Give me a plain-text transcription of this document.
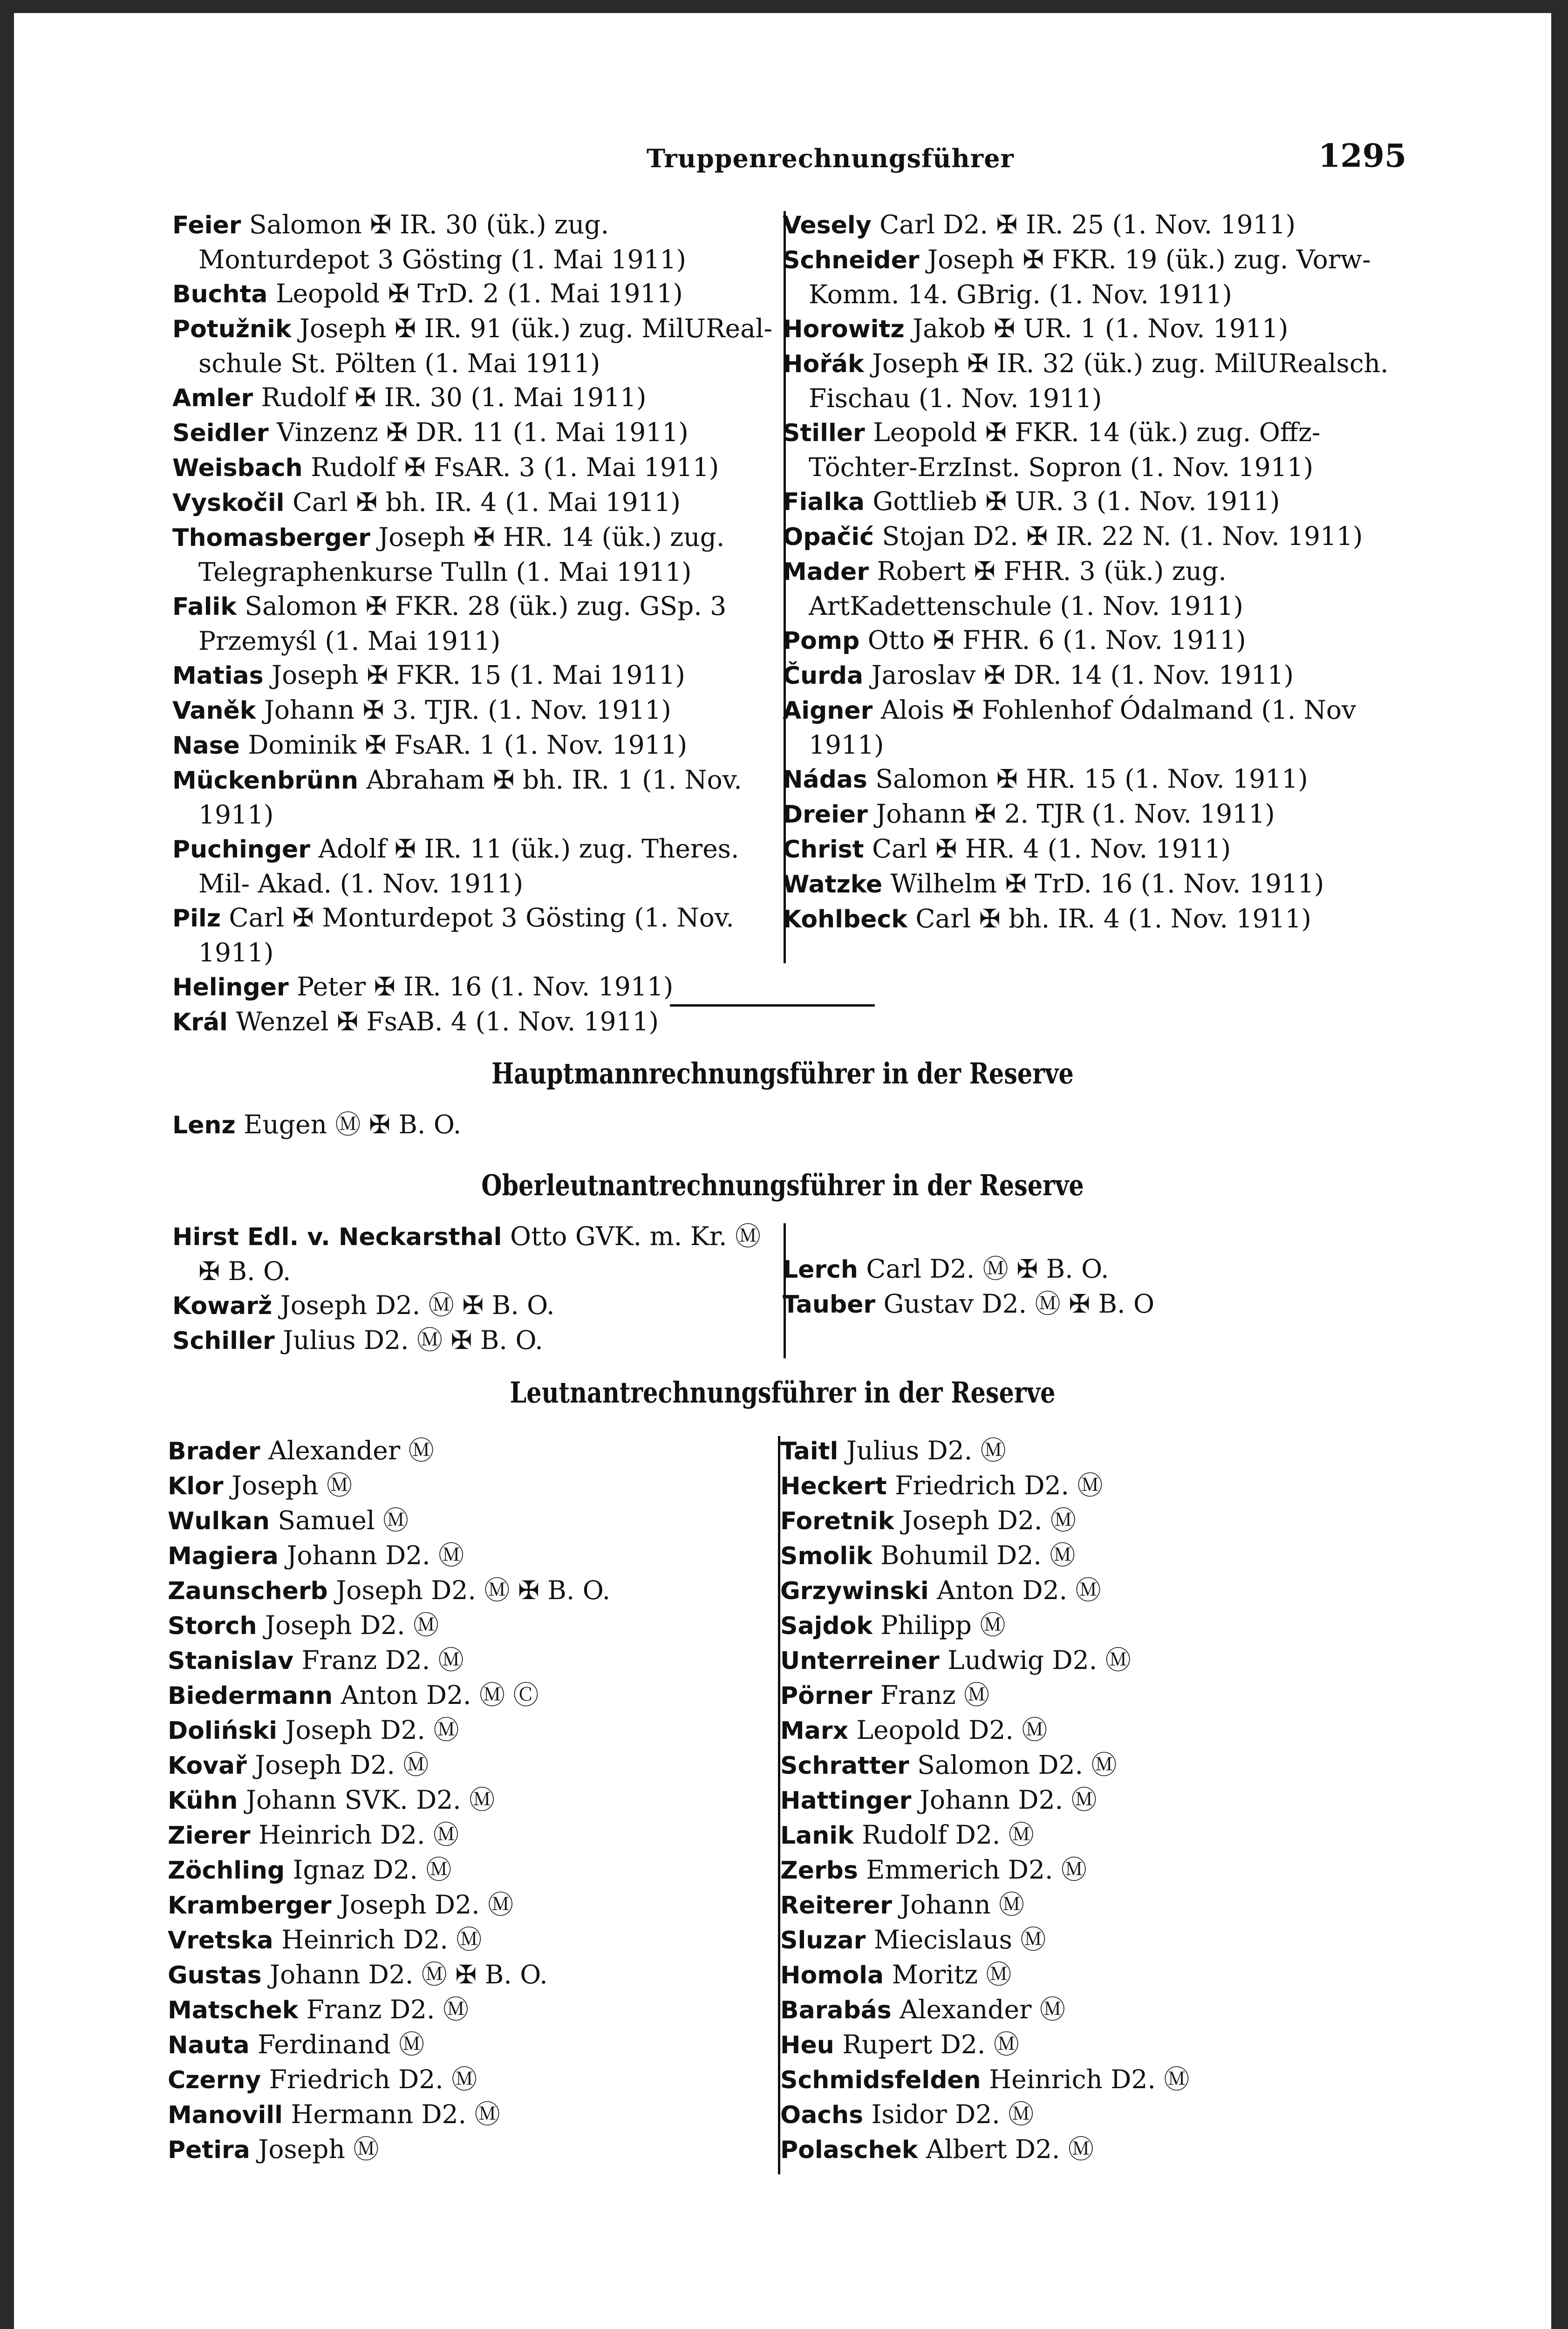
Truppenrechnungsführer	1295
Feier Salomon ✠ IR. 30 (ük.) zug. Monturdepot 3 Gösting (1. Mai 1911)
Buchta Leopold ✠ TrD. 2 (1. Mai 1911)
Potužnik Joseph ✠ IR. 91 (ük.) zug. MilUReal- schule St. Pölten (1. Mai 1911)
Amler Rudolf ✠ IR. 30 (1. Mai 1911)
Seidler Vinzenz ✠ DR. 11 (1. Mai 1911)
Weisbach Rudolf ✠ FsAR. 3 (1. Mai 1911)
Vyskočil Carl ✠ bh. IR. 4 (1. Mai 1911)
Thomasberger Joseph ✠ HR. 14 (ük.) zug. Telegraphenkurse Tulln (1. Mai 1911)
Falik Salomon ✠ FKR. 28 (ük.) zug. GSp. 3 Przemyśl (1. Mai 1911)
Matias Joseph ✠ FKR. 15 (1. Mai 1911)
Vaněk Johann ✠ 3. TJR. (1. Nov. 1911)
Nase Dominik ✠ FsAR. 1 (1. Nov. 1911)
Mückenbrünn Abraham ✠ bh. IR. 1 (1. Nov. 1911)
Puchinger Adolf ✠ IR. 11 (ük.) zug. Theres. Mil- Akad. (1. Nov. 1911)
Pilz Carl ✠ Monturdepot 3 Gösting (1. Nov. 1911)
Helinger Peter ✠ IR. 16 (1. Nov. 1911)
Král Wenzel ✠ FsAB. 4 (1. Nov. 1911)
Vesely Carl D2. ✠ IR. 25 (1. Nov. 1911)
Schneider Joseph ✠ FKR. 19 (ük.) zug. Vorw- Komm. 14. GBrig. (1. Nov. 1911)
Horowitz Jakob ✠ UR. 1 (1. Nov. 1911)
Hořák Joseph ✠ IR. 32 (ük.) zug. MilURealsch. Fischau (1. Nov. 1911)
Stiller Leopold ✠ FKR. 14 (ük.) zug. Offz- Töchter-ErzInst. Sopron (1. Nov. 1911)
Fialka Gottlieb ✠ UR. 3 (1. Nov. 1911)
Opačić Stojan D2. ✠ IR. 22 N. (1. Nov. 1911)
Mader Robert ✠ FHR. 3 (ük.) zug. ArtKadettenschule (1. Nov. 1911)
Pomp Otto ✠ FHR. 6 (1. Nov. 1911)
Čurda Jaroslav ✠ DR. 14 (1. Nov. 1911)
Aigner Alois ✠ Fohlenhof Ódalmand (1. Nov 1911)
Nádas Salomon ✠ HR. 15 (1. Nov. 1911)
Dreier Johann ✠ 2. TJR (1. Nov. 1911)
Christ Carl ✠ HR. 4 (1. Nov. 1911)
Watzke Wilhelm ✠ TrD. 16 (1. Nov. 1911)
Kohlbeck Carl ✠ bh. IR. 4 (1. Nov. 1911)
Hauptmannrechnungsführer in der Reserve
Lenz Eugen Ⓜ ✠ B. O.
Oberleutnantrechnungsführer in der Reserve
Hirst Edl. v. Neckarsthal Otto GVK. m. Kr. Ⓜ ✠ B. O.
Kowarž Joseph D2. Ⓜ ✠ B. O.
Schiller Julius D2. Ⓜ ✠ B. O.
Lerch Carl D2. Ⓜ ✠ B. O.
Tauber Gustav D2. Ⓜ ✠ B. O
Leutnantrechnungsführer in der Reserve
Brader Alexander Ⓜ
Klor Joseph Ⓜ
Wulkan Samuel Ⓜ
Magiera Johann D2. Ⓜ
Zaunscherb Joseph D2. Ⓜ ✠ B. O.
Storch Joseph D2. Ⓜ
Stanislav Franz D2. Ⓜ
Biedermann Anton D2. Ⓜ Ⓒ
Doliński Joseph D2. Ⓜ
Kovař Joseph D2. Ⓜ
Kühn Johann SVK. D2. Ⓜ
Zierer Heinrich D2. Ⓜ
Zöchling Ignaz D2. Ⓜ
Kramberger Joseph D2. Ⓜ
Vretska Heinrich D2. Ⓜ
Gustas Johann D2. Ⓜ ✠ B. O.
Matschek Franz D2. Ⓜ
Nauta Ferdinand Ⓜ
Czerny Friedrich D2. Ⓜ
Manovill Hermann D2. Ⓜ
Petira Joseph Ⓜ
Taitl Julius D2. Ⓜ
Heckert Friedrich D2. Ⓜ
Foretnik Joseph D2. Ⓜ
Smolik Bohumil D2. Ⓜ
Grzywinski Anton D2. Ⓜ
Sajdok Philipp Ⓜ
Unterreiner Ludwig D2. Ⓜ
Pörner Franz Ⓜ
Marx Leopold D2. Ⓜ
Schratter Salomon D2. Ⓜ
Hattinger Johann D2. Ⓜ
Lanik Rudolf D2. Ⓜ
Zerbs Emmerich D2. Ⓜ
Reiterer Johann Ⓜ
Sluzar Miecislaus Ⓜ
Homola Moritz Ⓜ
Barabás Alexander Ⓜ
Heu Rupert D2. Ⓜ
Schmidsfelden Heinrich D2. Ⓜ
Oachs Isidor D2. Ⓜ
Polaschek Albert D2. Ⓜ
